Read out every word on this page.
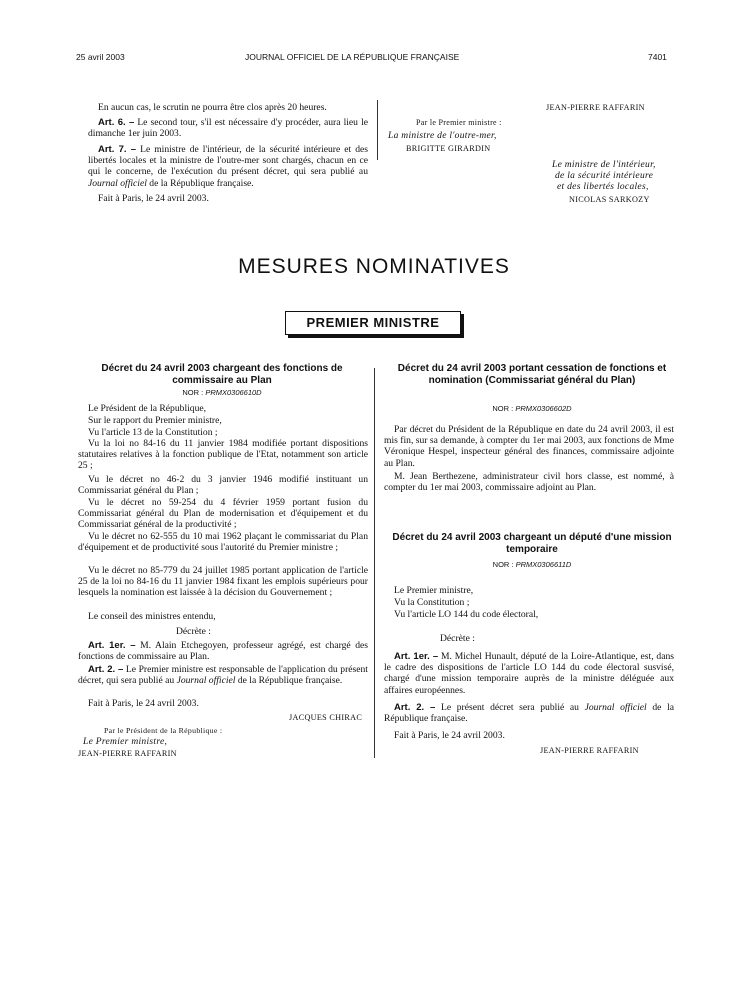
25 avril 2003	JOURNAL OFFICIEL DE LA RÉPUBLIQUE FRANÇAISE	7401

En aucun cas, le scrutin ne pourra être clos après 20 heures.

Art. 6. – Le second tour, s'il est nécessaire d'y procéder, aura lieu le dimanche 1er juin 2003.

Art. 7. – Le ministre de l'intérieur, de la sécurité intérieure et des libertés locales et la ministre de l'outre-mer sont chargés, chacun en ce qui le concerne, de l'exécution du présent décret, qui sera publié au Journal officiel de la République française.

Fait à Paris, le 24 avril 2003.

JEAN-PIERRE RAFFARIN
Par le Premier ministre :
La ministre de l'outre-mer,
BRIGITTE GIRARDIN
Le ministre de l'intérieur,
de la sécurité intérieure
et des libertés locales,
NICOLAS SARKOZY
MESURES NOMINATIVES
PREMIER MINISTRE
Décret du 24 avril 2003 chargeant des fonctions de commissaire au Plan
NOR : PRMX0306610D

Le Président de la République,

Sur le rapport du Premier ministre,

Vu l'article 13 de la Constitution ;

Vu la loi no 84-16 du 11 janvier 1984 modifiée portant dispositions statutaires relatives à la fonction publique de l'Etat, notamment son article 25 ;

Vu le décret no 46-2 du 3 janvier 1946 modifié instituant un Commissariat général du Plan ;

Vu le décret no 59-254 du 4 février 1959 portant fusion du Commissariat général du Plan de modernisation et d'équipement et du Commissariat général de la productivité ;

Vu le décret no 62-555 du 10 mai 1962 plaçant le commissariat du Plan d'équipement et de productivité sous l'autorité du Premier ministre ;

Vu le décret no 85-779 du 24 juillet 1985 portant application de l'article 25 de la loi no 84-16 du 11 janvier 1984 fixant les emplois supérieurs pour lesquels la nomination est laissée à la décision du Gouvernement ;

Le conseil des ministres entendu,

Décrète :

Art. 1er. – M. Alain Etchegoyen, professeur agrégé, est chargé des fonctions de commissaire au Plan.

Art. 2. – Le Premier ministre est responsable de l'application du présent décret, qui sera publié au Journal officiel de la République française.

Fait à Paris, le 24 avril 2003.

JACQUES CHIRAC
Par le Président de la République :
Le Premier ministre,
JEAN-PIERRE RAFFARIN
Décret du 24 avril 2003 portant cessation de fonctions et nomination (Commissariat général du Plan)
NOR : PRMX0306602D

Par décret du Président de la République en date du 24 avril 2003, il est mis fin, sur sa demande, à compter du 1er mai 2003, aux fonctions de Mme Véronique Hespel, inspecteur général des finances, commissaire adjointe au Plan.

M. Jean Berthezene, administrateur civil hors classe, est nommé, à compter du 1er mai 2003, commissaire adjoint au Plan.

Décret du 24 avril 2003 chargeant un député d'une mission temporaire
NOR : PRMX0306611D

Le Premier ministre,

Vu la Constitution ;

Vu l'article LO 144 du code électoral,

Décrète :

Art. 1er. – M. Michel Hunault, député de la Loire-Atlantique, est, dans le cadre des dispositions de l'article LO 144 du code électoral susvisé, chargé d'une mission temporaire auprès de la ministre déléguée aux affaires européennes.

Art. 2. – Le présent décret sera publié au Journal officiel de la République française.

Fait à Paris, le 24 avril 2003.

JEAN-PIERRE RAFFARIN
